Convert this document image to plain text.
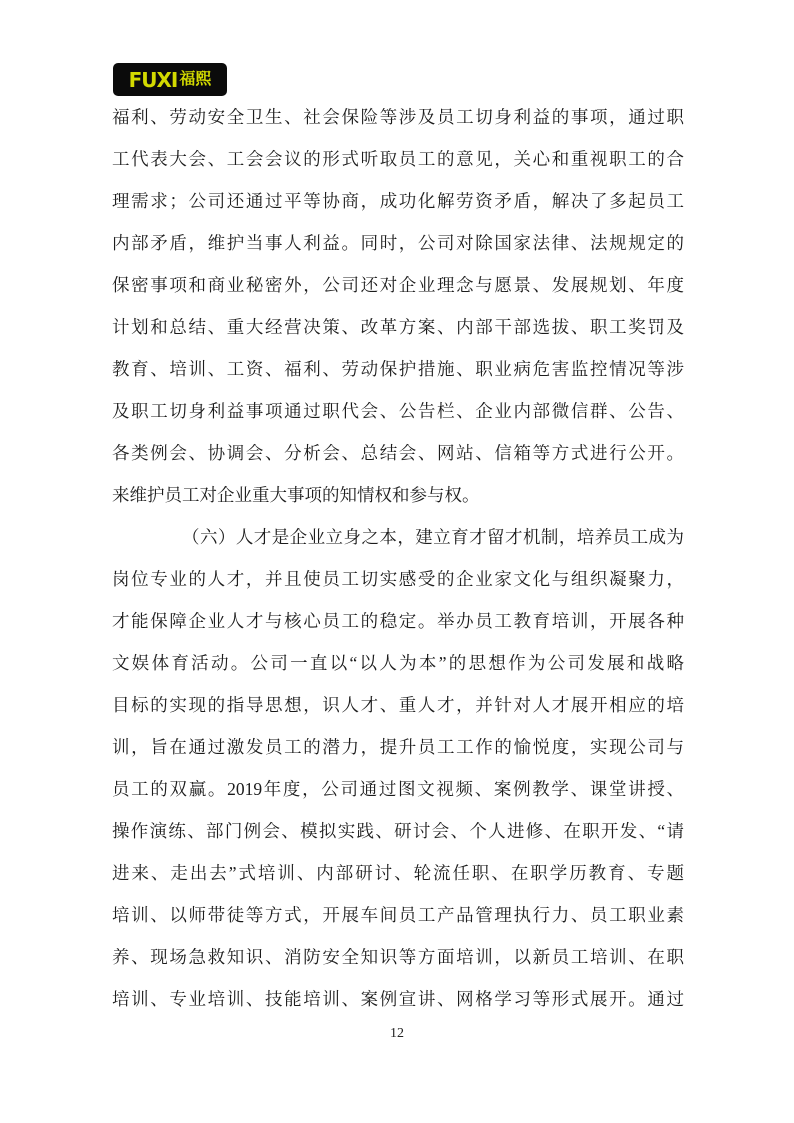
FUXI 福熙
福利、劳动安全卫生、社会保险等涉及员工切身利益的事项，通过职
工代表大会、工会会议的形式听取员工的意见，关心和重视职工的合
理需求；公司还通过平等协商，成功化解劳资矛盾，解决了多起员工
内部矛盾，维护当事人利益。同时，公司对除国家法律、法规规定的
保密事项和商业秘密外，公司还对企业理念与愿景、发展规划、年度
计划和总结、重大经营决策、改革方案、内部干部选拔、职工奖罚及
教育、培训、工资、福利、劳动保护措施、职业病危害监控情况等涉
及职工切身利益事项通过职代会、公告栏、企业内部微信群、公告、
各类例会、协调会、分析会、总结会、网站、信箱等方式进行公开。
来维护员工对企业重大事项的知情权和参与权。
（六）人才是企业立身之本，建立育才留才机制，培养员工成为
岗位专业的人才，并且使员工切实感受的企业家文化与组织凝聚力，
才能保障企业人才与核心员工的稳定。举办员工教育培训，开展各种
文娱体育活动。公司一直以“以人为本”的思想作为公司发展和战略
目标的实现的指导思想，识人才、重人才，并针对人才展开相应的培
训，旨在通过激发员工的潜力，提升员工工作的愉悦度，实现公司与
员工的双赢。2019年度，公司通过图文视频、案例教学、课堂讲授、
操作演练、部门例会、模拟实践、研讨会、个人进修、在职开发、“请
进来、走出去”式培训、内部研讨、轮流任职、在职学历教育、专题
培训、以师带徒等方式，开展车间员工产品管理执行力、员工职业素
养、现场急救知识、消防安全知识等方面培训，以新员工培训、在职
培训、专业培训、技能培训、案例宣讲、网格学习等形式展开。通过
12
